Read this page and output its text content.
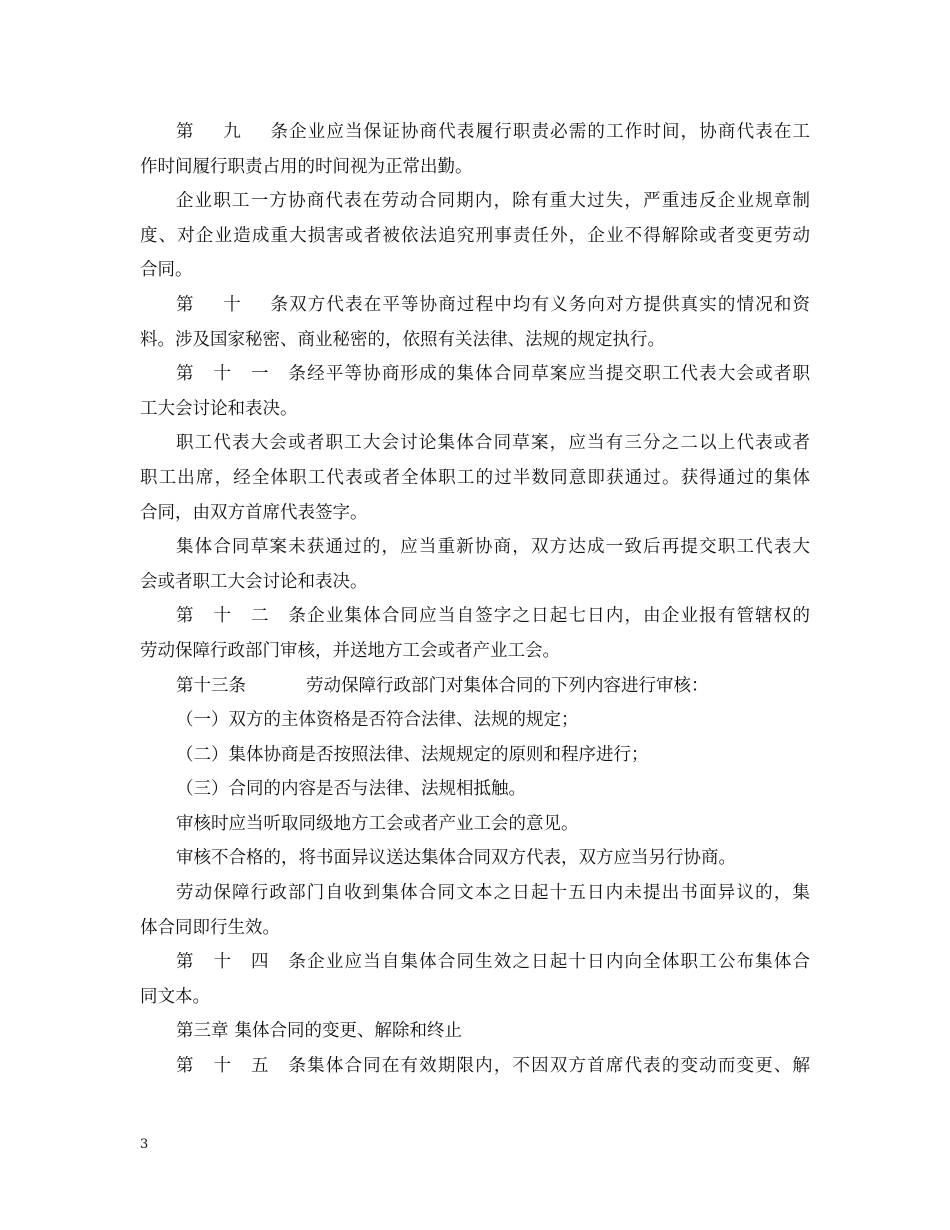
第九条企业应当保证协商代表履行职责必需的工作时间，协商代表在工
作时间履行职责占用的时间视为正常出勤。
企业职工一方协商代表在劳动合同期内，除有重大过失，严重违反企业规章制
度、对企业造成重大损害或者被依法追究刑事责任外，企业不得解除或者变更劳动
合同。
第十条双方代表在平等协商过程中均有义务向对方提供真实的情况和资
料。涉及国家秘密、商业秘密的，依照有关法律、法规的规定执行。
第十一条经平等协商形成的集体合同草案应当提交职工代表大会或者职
工大会讨论和表决。
职工代表大会或者职工大会讨论集体合同草案，应当有三分之二以上代表或者
职工出席，经全体职工代表或者全体职工的过半数同意即获通过。获得通过的集体
合同，由双方首席代表签字。
集体合同草案未获通过的，应当重新协商，双方达成一致后再提交职工代表大
会或者职工大会讨论和表决。
第十二条企业集体合同应当自签字之日起七日内，由企业报有管辖权的
劳动保障行政部门审核，并送地方工会或者产业工会。
第十三条	劳动保障行政部门对集体合同的下列内容进行审核：
（一）双方的主体资格是否符合法律、法规的规定；
（二）集体协商是否按照法律、法规规定的原则和程序进行；
（三）合同的内容是否与法律、法规相抵触。
审核时应当听取同级地方工会或者产业工会的意见。
审核不合格的，将书面异议送达集体合同双方代表，双方应当另行协商。
劳动保障行政部门自收到集体合同文本之日起十五日内未提出书面异议的，集
体合同即行生效。
第十四条企业应当自集体合同生效之日起十日内向全体职工公布集体合
同文本。
第三章 集体合同的变更、解除和终止
第十五条集体合同在有效期限内，不因双方首席代表的变动而变更、解
3
